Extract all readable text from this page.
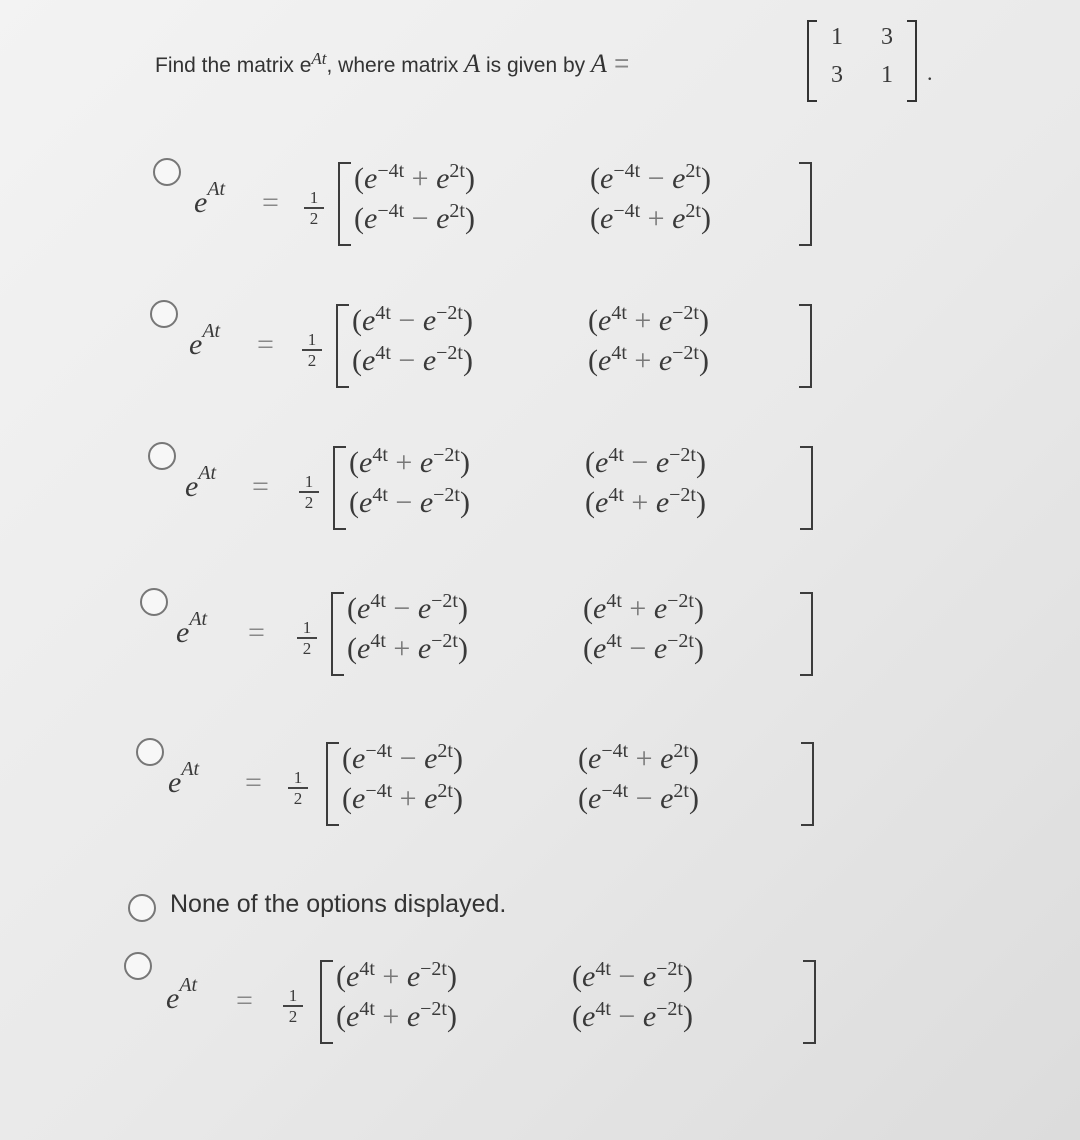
Find the matrix $e^{At}$, where matrix A is given by A =
1 3
3 1 .
$e^{At} = \frac{1}{2}$
$(e^{-4t} + e^{2t})$	$(e^{-4t} - e^{2t})$
$(e^{-4t} - e^{2t})$	$(e^{-4t} + e^{2t})$
$e^{At} = \frac{1}{2}$
$(e^{4t} - e^{-2t})$	$(e^{4t} + e^{-2t})$
$(e^{4t} - e^{-2t})$	$(e^{4t} + e^{-2t})$
$e^{At} = \frac{1}{2}$
$(e^{4t} + e^{-2t})$	$(e^{4t} - e^{-2t})$
$(e^{4t} - e^{-2t})$	$(e^{4t} + e^{-2t})$
$e^{At} = \frac{1}{2}$
$(e^{4t} - e^{-2t})$	$(e^{4t} + e^{-2t})$
$(e^{4t} + e^{-2t})$	$(e^{4t} - e^{-2t})$
$e^{At} = \frac{1}{2}$
$(e^{-4t} - e^{2t})$	$(e^{-4t} + e^{2t})$
$(e^{-4t} + e^{2t})$	$(e^{-4t} - e^{2t})$
None of the options displayed.
$e^{At} = \frac{1}{2}$
$(e^{4t} + e^{-2t})$	$(e^{4t} - e^{-2t})$
$(e^{4t} + e^{-2t})$	$(e^{4t} - e^{-2t})$
